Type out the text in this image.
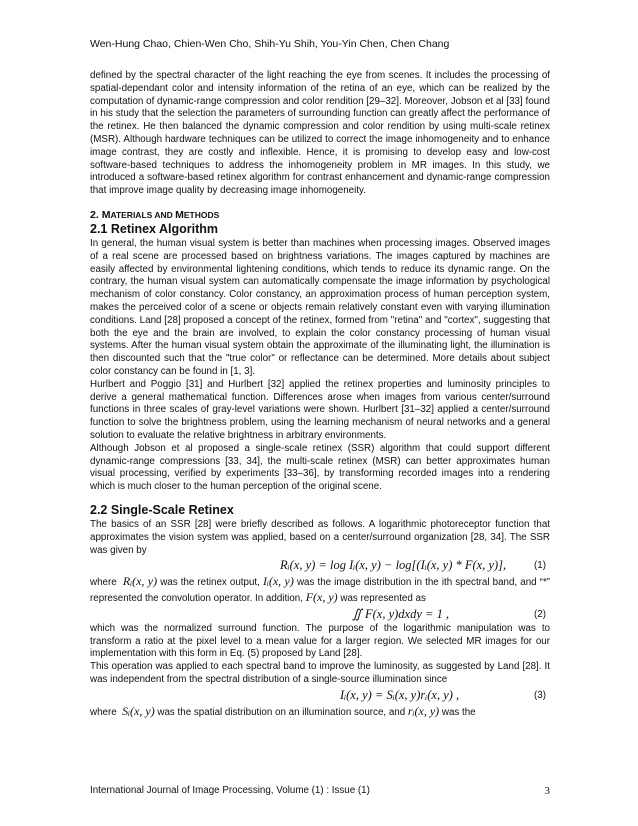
Wen-Hung Chao, Chien-Wen Cho, Shih-Yu Shih, You-Yin Chen, Chen Chang

defined by the spectral character of the light reaching the eye from scenes. It includes the processing of spatial-dependant color and intensity information of the retina of an eye, which can be realized by the computation of dynamic-range compression and color rendition [29–32]. Moreover, Jobson et al [33] found in his study that the selection the parameters of surrounding function can greatly affect the performance of the retinex. He then balanced the dynamic compression and color rendition by using multi-scale retinex (MSR). Although hardware techniques can be utilized to correct the image inhomogeneity and to enhance image contrast, they are costly and inflexible. Hence, it is promising to develop easy and low-cost software-based techniques to address the inhomogeneity problem in MR images. In this study, we introduced a software-based retinex algorithm for contrast enhancement and dynamic-range compression that improve image quality by decreasing image inhomogeneity.

2. MATERIALS AND METHODS
2.1 Retinex Algorithm

In general, the human visual system is better than machines when processing images. Observed images of a real scene are processed based on brightness variations. The images captured by machines are easily affected by environmental lightening conditions, which tends to reduce its dynamic range. On the contrary, the human visual system can automatically compensate the image information by psychological mechanism of color constancy. Color constancy, an approximation process of human perception system, makes the perceived color of a scene or objects remain relatively constant even with varying illumination conditions. Land [28] proposed a concept of the retinex, formed from "retina" and "cortex", suggesting that both the eye and the brain are involved, to explain the color constancy processing of human visual systems. After the human visual system obtain the approximate of the illuminating light, the illumination is then discounted such that the "true color" or reflectance can be determined. More details about subject color constancy can be found in [1, 3].

Hurlbert and Poggio [31] and Hurlbert [32] applied the retinex properties and luminosity principles to derive a general mathematical function. Differences arose when images from various center/surround functions in three scales of gray-level variations were shown. Hurlbert [31–32] applied a center/surround function to solve the brightness problem, using the learning mechanism of neural networks and a general solution to evaluate the relative brightness in arbitrary environments.

Although Jobson et al proposed a single-scale retinex (SSR) algorithm that could support different dynamic-range compressions [33, 34], the multi-scale retinex (MSR) can better approximates human visual processing, verified by experiments [33–36], by transforming recorded images into a rendering which is much closer to the human perception of the original scene.

2.2 Single-Scale Retinex

The basics of an SSR [28] were briefly described as follows. A logarithmic photoreceptor function that approximates the vision system was applied, based on a center/surround organization [28, 34]. The SSR was given by

Rᵢ(x, y) = log Iᵢ(x, y) − log[(Iᵢ(x, y) * F(x, y)],	(1)

where Rᵢ(x, y) was the retinex output, Iᵢ(x, y) was the image distribution in the ith spectral band, and “*” represented the convolution operator. In addition, F(x, y) was represented as

∬ F(x, y)dxdy = 1 ,	(2)

which was the normalized surround function. The purpose of the logarithmic manipulation was to transform a ratio at the pixel level to a mean value for a larger region. We selected MR images for our implementation with this form in Eq. (5) proposed by Land [28].

This operation was applied to each spectral band to improve the luminosity, as suggested by Land [28]. It was independent from the spectral distribution of a single-source illumination since

Iᵢ(x, y) = Sᵢ(x, y)rᵢ(x, y) ,	(3)

where Sᵢ(x, y) was the spatial distribution on an illumination source, and rᵢ(x, y) was the

International Journal of Image Processing, Volume (1) : Issue (1)	3
